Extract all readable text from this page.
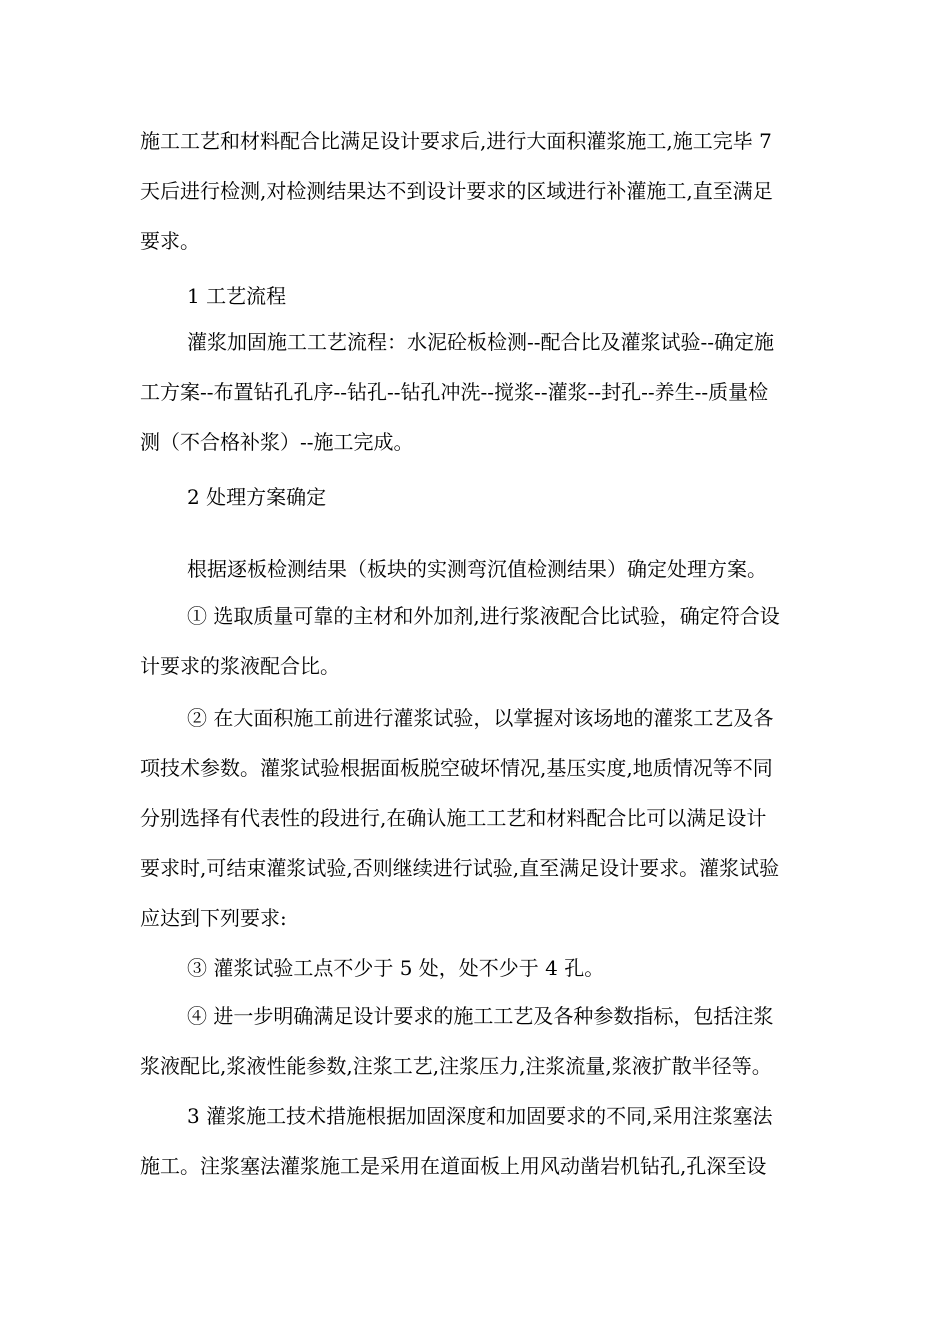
施工工艺和材料配合比满足设计要求后,进行大面积灌浆施工,施工完毕 7
天后进行检测,对检测结果达不到设计要求的区域进行补灌施工,直至满足
要求。
1 工艺流程
灌浆加固施工工艺流程：水泥砼板检测--配合比及灌浆试验--确定施
工方案--布置钻孔孔序--钻孔--钻孔冲洗--搅浆--灌浆--封孔--养生--质量检
测（不合格补浆）--施工完成。
2 处理方案确定
根据逐板检测结果（板块的实测弯沉值检测结果）确定处理方案。
① 选取质量可靠的主材和外加剂,进行浆液配合比试验，确定符合设
计要求的浆液配合比。
② 在大面积施工前进行灌浆试验，以掌握对该场地的灌浆工艺及各
项技术参数。灌浆试验根据面板脱空破坏情况,基压实度,地质情况等不同
分别选择有代表性的段进行,在确认施工工艺和材料配合比可以满足设计
要求时,可结束灌浆试验,否则继续进行试验,直至满足设计要求。灌浆试验
应达到下列要求:
③ 灌浆试验工点不少于 5 处，处不少于 4 孔。
④ 进一步明确满足设计要求的施工工艺及各种参数指标，包括注浆
浆液配比,浆液性能参数,注浆工艺,注浆压力,注浆流量,浆液扩散半径等。
3 灌浆施工技术措施根据加固深度和加固要求的不同,采用注浆塞法
施工。注浆塞法灌浆施工是采用在道面板上用风动凿岩机钻孔,孔深至设
